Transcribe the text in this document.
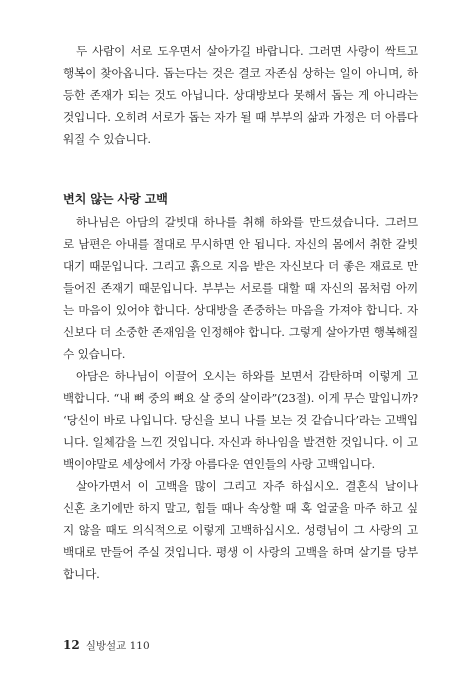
두 사람이 서로 도우면서 살아가길 바랍니다. 그러면 사랑이 싹트고
행복이 찾아옵니다. 돕는다는 것은 결코 자존심 상하는 일이 아니며, 하
등한 존재가 되는 것도 아닙니다. 상대방보다 못해서 돕는 게 아니라는
것입니다. 오히려 서로가 돕는 자가 될 때 부부의 삶과 가정은 더 아름다
워질 수 있습니다.
변치 않는 사랑 고백
하나님은 아담의 갈빗대 하나를 취해 하와를 만드셨습니다. 그러므
로 남편은 아내를 절대로 무시하면 안 됩니다. 자신의 몸에서 취한 갈빗
대기 때문입니다. 그리고 흙으로 지음 받은 자신보다 더 좋은 재료로 만
들어진 존재기 때문입니다. 부부는 서로를 대할 때 자신의 몸처럼 아끼
는 마음이 있어야 합니다. 상대방을 존중하는 마음을 가져야 합니다. 자
신보다 더 소중한 존재임을 인정해야 합니다. 그렇게 살아가면 행복해질
수 있습니다.
아담은 하나님이 이끌어 오시는 하와를 보면서 감탄하며 이렇게 고
백합니다. “내 뼈 중의 뼈요 살 중의 살이라”(23절). 이게 무슨 말입니까?
‘당신이 바로 나입니다. 당신을 보니 나를 보는 것 같습니다’라는 고백입
니다. 일체감을 느낀 것입니다. 자신과 하나임을 발견한 것입니다. 이 고
백이야말로 세상에서 가장 아름다운 연인들의 사랑 고백입니다.
살아가면서 이 고백을 많이 그리고 자주 하십시오. 결혼식 날이나
신혼 초기에만 하지 말고, 힘들 때나 속상할 때 혹 얼굴을 마주 하고 싶
지 않을 때도 의식적으로 이렇게 고백하십시오. 성령님이 그 사랑의 고
백대로 만들어 주실 것입니다. 평생 이 사랑의 고백을 하며 살기를 당부
합니다.
12 실방설교 110
